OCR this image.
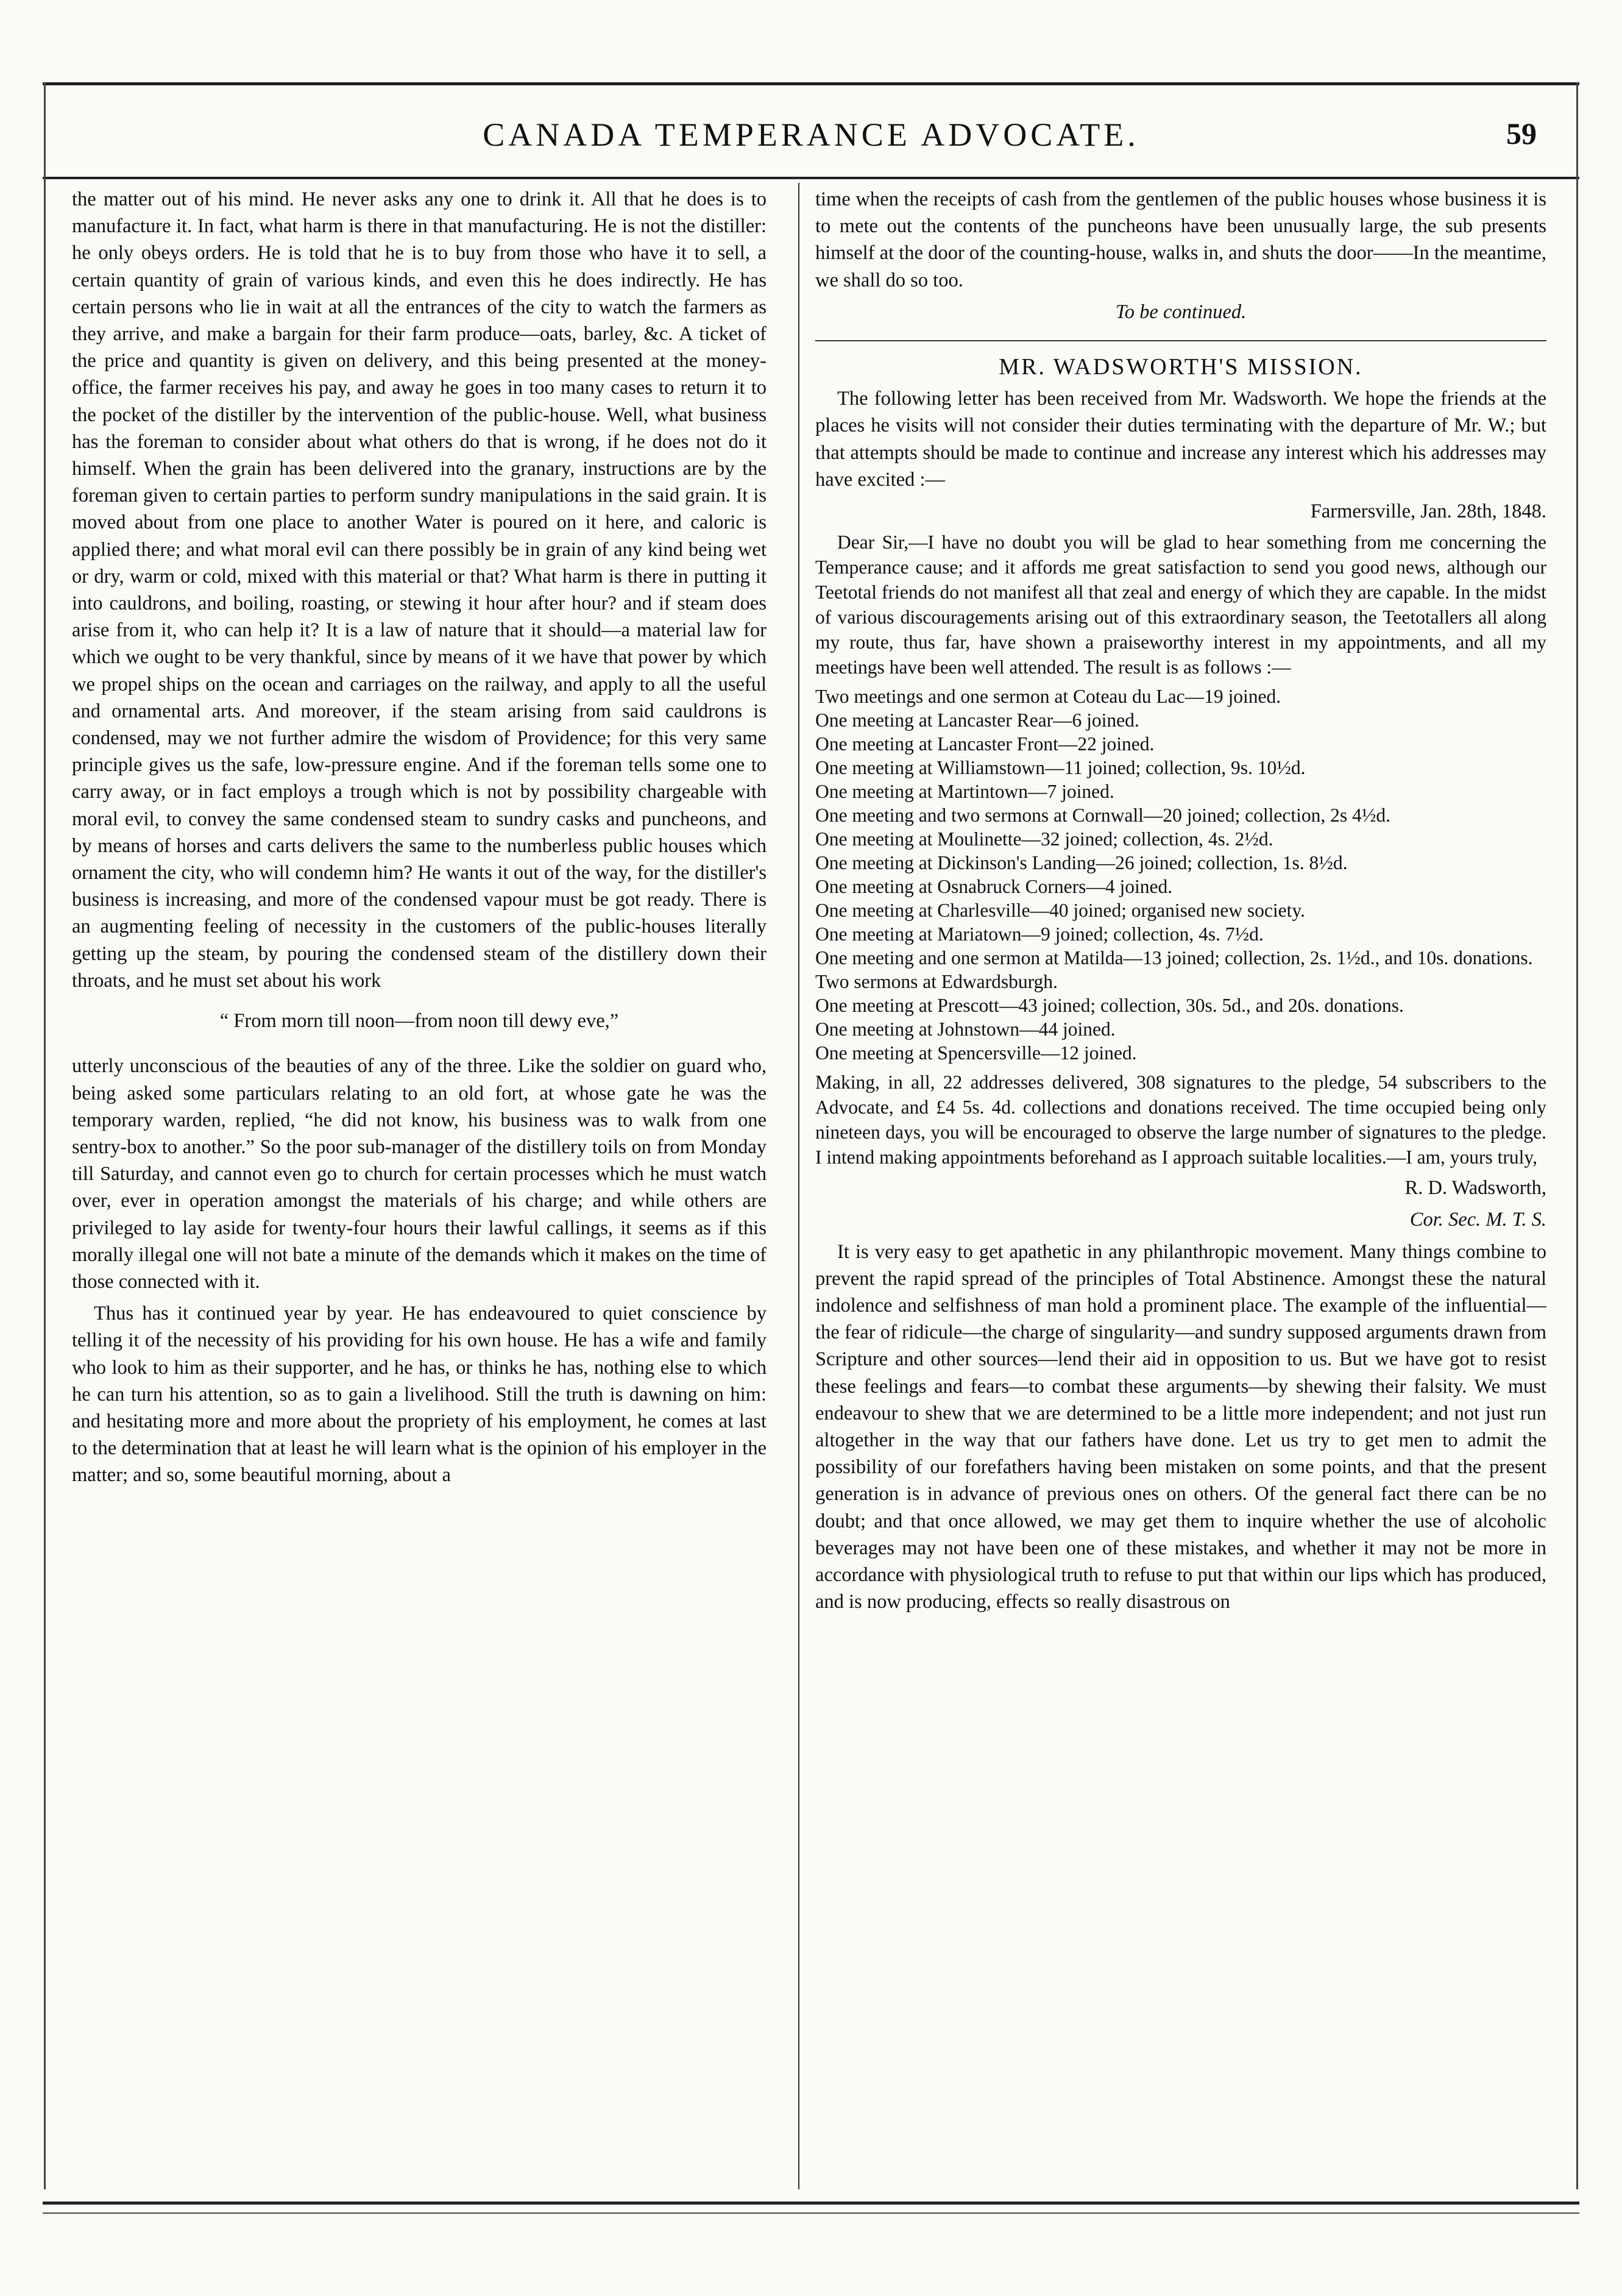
CANADA TEMPERANCE ADVOCATE.	59

the matter out of his mind. He never asks any one to drink it. All that he does is to manufacture it. In fact, what harm is there in that manufacturing. He is not the distiller: he only obeys orders. He is told that he is to buy from those who have it to sell, a certain quantity of grain of various kinds, and even this he does indirectly. He has certain persons who lie in wait at all the entrances of the city to watch the farmers as they arrive, and make a bargain for their farm produce—oats, barley, &c. A ticket of the price and quantity is given on delivery, and this being presented at the money-office, the farmer receives his pay, and away he goes in too many cases to return it to the pocket of the distiller by the intervention of the public-house. Well, what business has the foreman to consider about what others do that is wrong, if he does not do it himself. When the grain has been delivered into the granary, instructions are by the foreman given to certain parties to perform sundry manipulations in the said grain. It is moved about from one place to another Water is poured on it here, and caloric is applied there; and what moral evil can there possibly be in grain of any kind being wet or dry, warm or cold, mixed with this material or that? What harm is there in putting it into cauldrons, and boiling, roasting, or stewing it hour after hour? and if steam does arise from it, who can help it? It is a law of nature that it should—a material law for which we ought to be very thankful, since by means of it we have that power by which we propel ships on the ocean and carriages on the railway, and apply to all the useful and ornamental arts. And moreover, if the steam arising from said cauldrons is condensed, may we not further admire the wisdom of Providence; for this very same principle gives us the safe, low-pressure engine. And if the foreman tells some one to carry away, or in fact employs a trough which is not by possibility chargeable with moral evil, to convey the same condensed steam to sundry casks and puncheons, and by means of horses and carts delivers the same to the numberless public houses which ornament the city, who will condemn him? He wants it out of the way, for the distiller's business is increasing, and more of the condensed vapour must be got ready. There is an augmenting feeling of necessity in the customers of the public-houses literally getting up the steam, by pouring the condensed steam of the distillery down their throats, and he must set about his work

“ From morn till noon—from noon till dewy eve,”

utterly unconscious of the beauties of any of the three. Like the soldier on guard who, being asked some particulars relating to an old fort, at whose gate he was the temporary warden, replied, “he did not know, his business was to walk from one sentry-box to another.” So the poor sub-manager of the distillery toils on from Monday till Saturday, and cannot even go to church for certain processes which he must watch over, ever in operation amongst the materials of his charge; and while others are privileged to lay aside for twenty-four hours their lawful callings, it seems as if this morally illegal one will not bate a minute of the demands which it makes on the time of those connected with it.

Thus has it continued year by year. He has endeavoured to quiet conscience by telling it of the necessity of his providing for his own house. He has a wife and family who look to him as their supporter, and he has, or thinks he has, nothing else to which he can turn his attention, so as to gain a livelihood. Still the truth is dawning on him: and hesitating more and more about the propriety of his employment, he comes at last to the determination that at least he will learn what is the opinion of his employer in the matter; and so, some beautiful morning, about a

time when the receipts of cash from the gentlemen of the public houses whose business it is to mete out the contents of the puncheons have been unusually large, the sub presents himself at the door of the counting-house, walks in, and shuts the door——In the meantime, we shall do so too.

To be continued.

MR. WADSWORTH'S MISSION.

The following letter has been received from Mr. Wadsworth. We hope the friends at the places he visits will not consider their duties terminating with the departure of Mr. W.; but that attempts should be made to continue and increase any interest which his addresses may have excited :—

Farmersville, Jan. 28th, 1848.

Dear Sir,—I have no doubt you will be glad to hear something from me concerning the Temperance cause; and it affords me great satisfaction to send you good news, although our Teetotal friends do not manifest all that zeal and energy of which they are capable. In the midst of various discouragements arising out of this extraordinary season, the Teetotallers all along my route, thus far, have shown a praiseworthy interest in my appointments, and all my meetings have been well attended. The result is as follows :—

Two meetings and one sermon at Coteau du Lac—19 joined.
One meeting at Lancaster Rear—6 joined.
One meeting at Lancaster Front—22 joined.
One meeting at Williamstown—11 joined; collection, 9s. 10½d.
One meeting at Martintown—7 joined.
One meeting and two sermons at Cornwall—20 joined; collection, 2s 4½d.
One meeting at Moulinette—32 joined; collection, 4s. 2½d.
One meeting at Dickinson's Landing—26 joined; collection, 1s. 8½d.
One meeting at Osnabruck Corners—4 joined.
One meeting at Charlesville—40 joined; organised new society.
One meeting at Mariatown—9 joined; collection, 4s. 7½d.
One meeting and one sermon at Matilda—13 joined; collection, 2s. 1½d., and 10s. donations.
Two sermons at Edwardsburgh.
One meeting at Prescott—43 joined; collection, 30s. 5d., and 20s. donations.
One meeting at Johnstown—44 joined.
One meeting at Spencersville—12 joined.

Making, in all, 22 addresses delivered, 308 signatures to the pledge, 54 subscribers to the Advocate, and £4 5s. 4d. collections and donations received. The time occupied being only nineteen days, you will be encouraged to observe the large number of signatures to the pledge. I intend making appointments beforehand as I approach suitable localities.—I am, yours truly,

R. D. Wadsworth,

Cor. Sec. M. T. S.

It is very easy to get apathetic in any philanthropic movement. Many things combine to prevent the rapid spread of the principles of Total Abstinence. Amongst these the natural indolence and selfishness of man hold a prominent place. The example of the influential—the fear of ridicule—the charge of singularity—and sundry supposed arguments drawn from Scripture and other sources—lend their aid in opposition to us. But we have got to resist these feelings and fears—to combat these arguments—by shewing their falsity. We must endeavour to shew that we are determined to be a little more independent; and not just run altogether in the way that our fathers have done. Let us try to get men to admit the possibility of our forefathers having been mistaken on some points, and that the present generation is in advance of previous ones on others. Of the general fact there can be no doubt; and that once allowed, we may get them to inquire whether the use of alcoholic beverages may not have been one of these mistakes, and whether it may not be more in accordance with physiological truth to refuse to put that within our lips which has produced, and is now producing, effects so really disastrous on
